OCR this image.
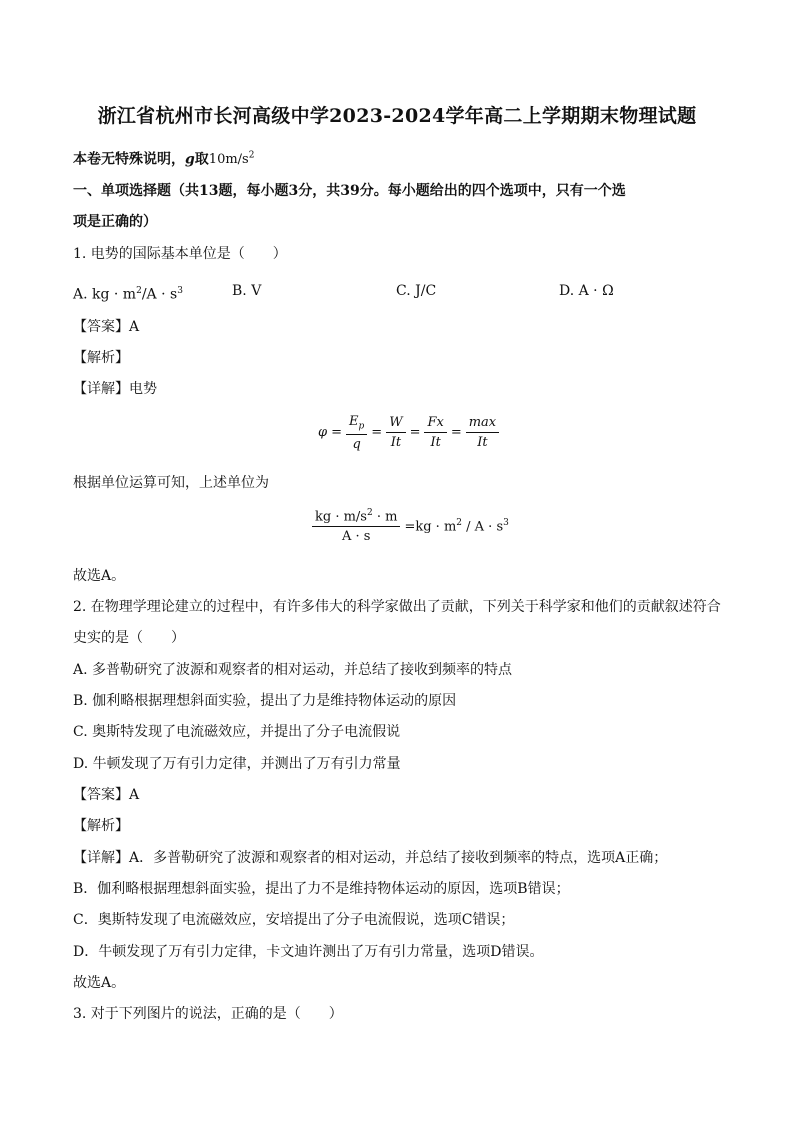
浙江省杭州市长河高级中学2023-2024学年高二上学期期末物理试题
本卷无特殊说明，g取$10m/s^2$
一、单项选择题（共13题，每小题3分，共39分。每小题给出的四个选项中，只有一个选
项是正确的）
1. 电势的国际基本单位是（　　）
A. kg · $m^2/A \cdot s^3$	B. V	C. J/C	D. A · Ω
【答案】A
【解析】
【详解】电势
$\varphi = \frac{E_p}{q} = \frac{W}{It} = \frac{Fx}{It} = \frac{\max}{It}$
根据单位运算可知，上述单位为
$\frac{kg \cdot m/s^2 \cdot m}{A \cdot s} =kg \cdot m^2 / A \cdot s^3$
故选A。
2. 在物理学理论建立的过程中，有许多伟大的科学家做出了贡献，下列关于科学家和他们的贡献叙述符合
史实的是（　　）
A. 多普勒研究了波源和观察者的相对运动，并总结了接收到频率的特点
B. 伽利略根据理想斜面实验，提出了力是维持物体运动的原因
C. 奥斯特发现了电流磁效应，并提出了分子电流假说
D. 牛顿发现了万有引力定律，并测出了万有引力常量
【答案】A
【解析】
【详解】A．多普勒研究了波源和观察者的相对运动，并总结了接收到频率的特点，选项A正确；
B．伽利略根据理想斜面实验，提出了力不是维持物体运动的原因，选项B错误；
C．奥斯特发现了电流磁效应，安培提出了分子电流假说，选项C错误；
D．牛顿发现了万有引力定律，卡文迪许测出了万有引力常量，选项D错误。
故选A。
3. 对于下列图片的说法，正确的是（　　）
